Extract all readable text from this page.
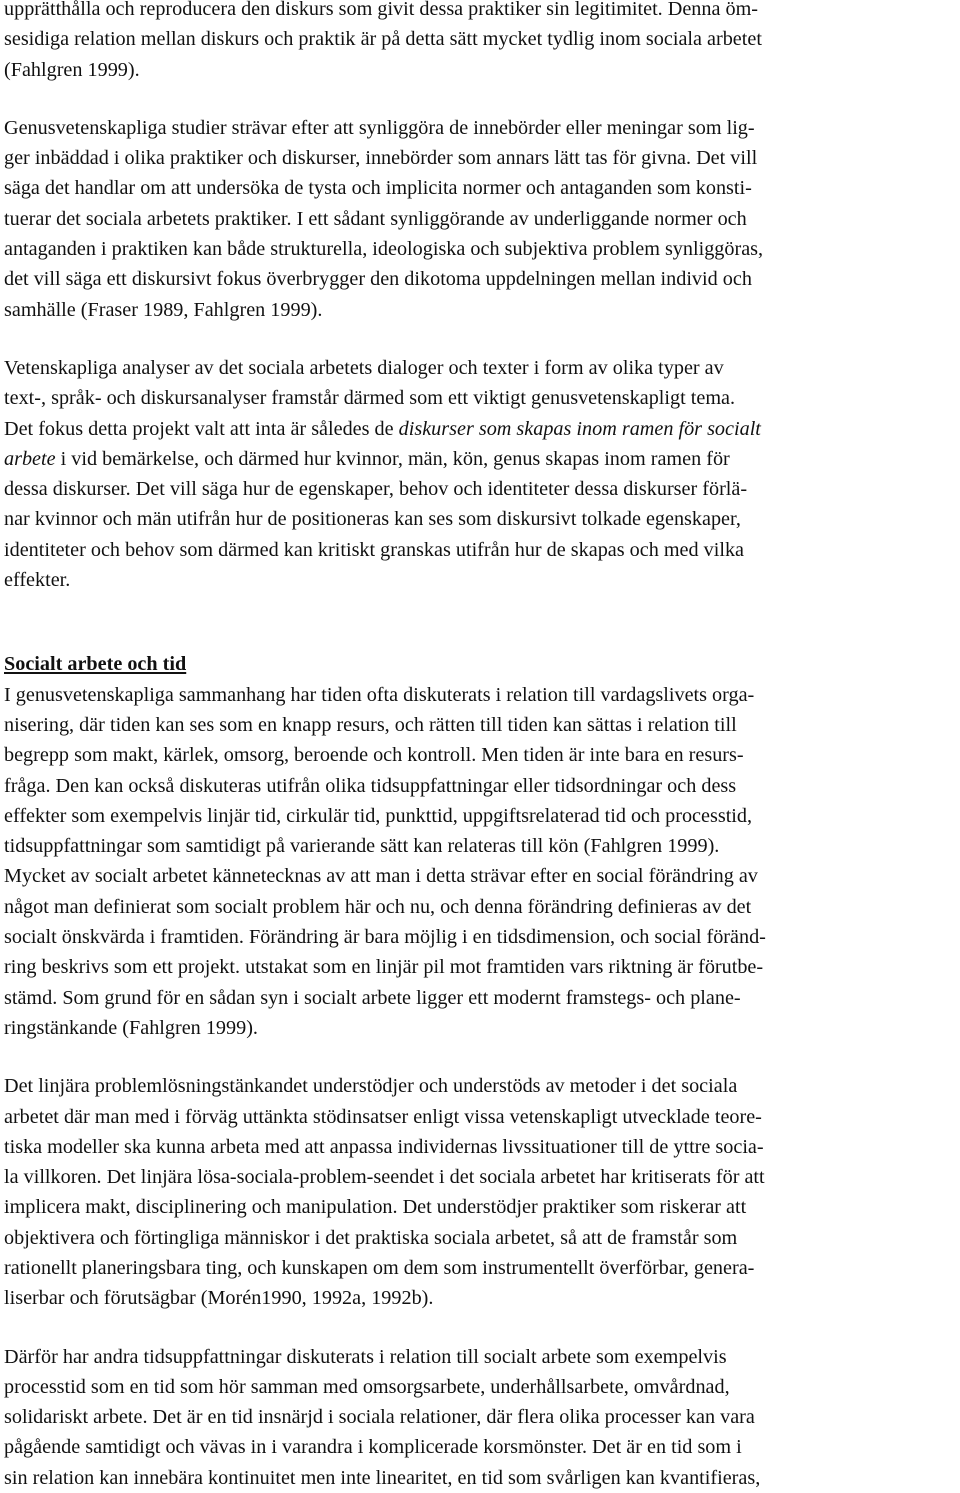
upprätthålla och reproducera den diskurs som givit dessa praktiker sin legitimitet. Denna öm-
sesidiga relation mellan diskurs och praktik är på detta sätt mycket tydlig inom sociala arbetet
(Fahlgren 1999).

Genusvetenskapliga studier strävar efter att synliggöra de innebörder eller meningar som lig-
ger inbäddad i olika praktiker och diskurser, innebörder som annars lätt tas för givna. Det vill
säga det handlar om att undersöka de tysta och implicita normer och antaganden som konsti-
tuerar det sociala arbetets praktiker. I ett sådant synliggörande av underliggande normer och
antaganden i praktiken kan både strukturella, ideologiska och subjektiva problem synliggöras,
det vill säga ett diskursivt fokus överbrygger den dikotoma uppdelningen mellan individ och
samhälle (Fraser 1989, Fahlgren 1999).

Vetenskapliga analyser av det sociala arbetets dialoger och texter i form av olika typer av
text-, språk- och diskursanalyser framstår därmed som ett viktigt genusvetenskapligt tema.
Det fokus detta projekt valt att inta är således de diskurser som skapas inom ramen för socialt
arbete i vid bemärkelse, och därmed hur kvinnor, män, kön, genus skapas inom ramen för
dessa diskurser. Det vill säga hur de egenskaper, behov och identiteter dessa diskurser förlä-
nar kvinnor och män utifrån hur de positioneras kan ses som diskursivt tolkade egenskaper,
identiteter och behov som därmed kan kritiskt granskas utifrån hur de skapas och med vilka
effekter.

Socialt arbete och tid

I genusvetenskapliga sammanhang har tiden ofta diskuterats i relation till vardagslivets orga-
nisering, där tiden kan ses som en knapp resurs, och rätten till tiden kan sättas i relation till
begrepp som makt, kärlek, omsorg, beroende och kontroll. Men tiden är inte bara en resurs-
fråga. Den kan också diskuteras utifrån olika tidsuppfattningar eller tidsordningar och dess
effekter som exempelvis linjär tid, cirkulär tid, punkttid, uppgiftsrelaterad tid och processtid,
tidsuppfattningar som samtidigt på varierande sätt kan relateras till kön (Fahlgren 1999).
Mycket av socialt arbetet kännetecknas av att man i detta strävar efter en social förändring av
något man definierat som socialt problem här och nu, och denna förändring definieras av det
socialt önskvärda i framtiden. Förändring är bara möjlig i en tidsdimension, och social föränd-
ring beskrivs som ett projekt. utstakat som en linjär pil mot framtiden vars riktning är förutbe-
stämd. Som grund för en sådan syn i socialt arbete ligger ett modernt framstegs- och plane-
ringstänkande (Fahlgren 1999).

Det linjära problemlösningstänkandet understödjer och understöds av metoder i det sociala
arbetet där man med i förväg uttänkta stödinsatser enligt vissa vetenskapligt utvecklade teore-
tiska modeller ska kunna arbeta med att anpassa individernas livssituationer till de yttre socia-
la villkoren. Det linjära lösa-sociala-problem-seendet i det sociala arbetet har kritiserats för att
implicera makt, disciplinering och manipulation. Det understödjer praktiker som riskerar att
objektivera och förtingliga människor i det praktiska sociala arbetet, så att de framstår som
rationellt planeringsbara ting, och kunskapen om dem som instrumentellt överförbar, genera-
liserbar och förutsägbar (Morén1990, 1992a, 1992b).

Därför har andra tidsuppfattningar diskuterats i relation till socialt arbete som exempelvis
processtid som en tid som hör samman med omsorgsarbete, underhållsarbete, omvårdnad,
solidariskt arbete. Det är en tid insnärjd i sociala relationer, där flera olika processer kan vara
pågående samtidigt och vävas in i varandra i komplicerade korsmönster. Det är en tid som i
sin relation kan innebära kontinuitet men inte linearitet, en tid som svårligen kan kvantifieras,
